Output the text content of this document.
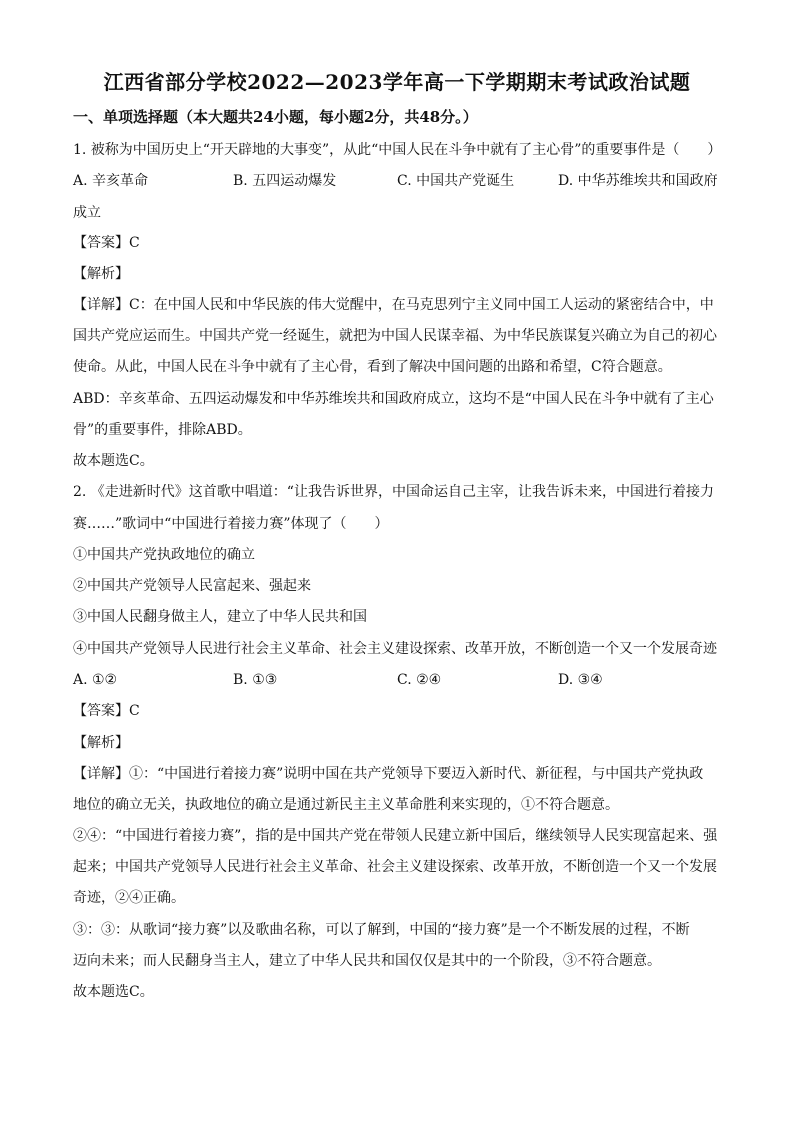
江西省部分学校2022—2023学年高一下学期期末考试政治试题
一、单项选择题（本大题共24小题，每小题2分，共48分。）
1. 被称为中国历史上“开天辟地的大事变”，从此“中国人民在斗争中就有了主心骨”的重要事件是（　　）
A. 辛亥革命	B. 五四运动爆发	C. 中国共产党诞生	D. 中华苏维埃共和国政府
成立
【答案】C
【解析】
【详解】C：在中国人民和中华民族的伟大觉醒中，在马克思列宁主义同中国工人运动的紧密结合中，中
国共产党应运而生。中国共产党一经诞生，就把为中国人民谋幸福、为中华民族谋复兴确立为自己的初心
使命。从此，中国人民在斗争中就有了主心骨，看到了解决中国问题的出路和希望，C符合题意。
ABD：辛亥革命、五四运动爆发和中华苏维埃共和国政府成立，这均不是“中国人民在斗争中就有了主心
骨”的重要事件，排除ABD。
故本题选C。
2. 《走进新时代》这首歌中唱道：“让我告诉世界，中国命运自己主宰，让我告诉未来，中国进行着接力
赛……”歌词中“中国进行着接力赛”体现了（　　）
①中国共产党执政地位的确立
②中国共产党领导人民富起来、强起来
③中国人民翻身做主人，建立了中华人民共和国
④中国共产党领导人民进行社会主义革命、社会主义建设探索、改革开放，不断创造一个又一个发展奇迹
A. ①②	B. ①③	C. ②④	D. ③④
【答案】C
【解析】
【详解】①：“中国进行着接力赛”说明中国在共产党领导下要迈入新时代、新征程，与中国共产党执政
地位的确立无关，执政地位的确立是通过新民主主义革命胜利来实现的，①不符合题意。
②④：“中国进行着接力赛”，指的是中国共产党在带领人民建立新中国后，继续领导人民实现富起来、强
起来；中国共产党领导人民进行社会主义革命、社会主义建设探索、改革开放，不断创造一个又一个发展
奇迹，②④正确。
③：③：从歌词“接力赛”以及歌曲名称，可以了解到，中国的“接力赛”是一个不断发展的过程，不断
迈向未来；而人民翻身当主人，建立了中华人民共和国仅仅是其中的一个阶段，③不符合题意。
故本题选C。
